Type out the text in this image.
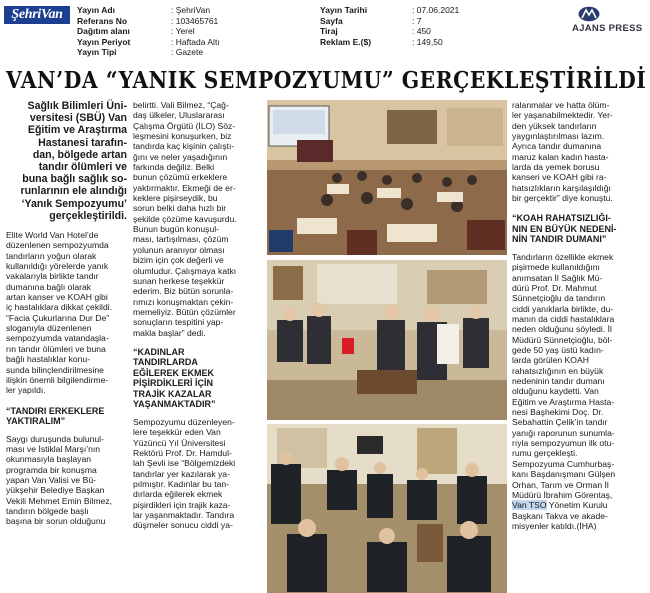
ŞehriVan	Yayın Adı	: ŞehriVan
Referans No	: 103465761
Dağıtım alanı	: Yerel
Yayın Periyot	: Haftada Altı
Yayın Tipi	: Gazete
Yayın Tarihi	: 07.06.2021
Sayfa	: 7
Tiraj	: 450
Reklam E.($)	: 149,50
AJANS PRESS
VAN’DA “YANIK SEMPOZYUMU” GERÇEKLEŞTİRİLDİ
Sağlık Bilimleri Üni-
versitesi (SBÜ) Van
Eğitim ve Araştırma
Hastanesi tarafın-
dan, bölgede artan
tandır ölümleri ve
buna bağlı sağlık so-
runlarının ele alındığı
‘Yanık Sempozyumu’
gerçekleştirildi.
Elite World Van Hotel’de
düzenlenen sempozyumda
tandırların yoğun olarak
kullanıldığı yörelerde yanık
vakalarıyla birlikte tandır
dumanına bağlı olarak
artan kanser ve KOAH gibi
iç hastalıklara dikkat çekildi.
“Facia Çukurlarına Dur De”
sloganıyla düzenlenen
sempozyumda vatandaşla-
rın tandır ölümleri ve buna
bağlı hastalıklar konu-
sunda bilinçlendirilmesine
ilişkin önemli bilgilendirme-
ler yapıldı.
“TANDIRI ERKEKLERE
YAKTIRALIM”
Saygı duruşunda bulunul-
ması ve İstiklal Marşı’nın
okunmasıyla başlayan
programda bir konuşma
yapan Van Valisi ve Bü-
yükşehir Belediye Başkan
Vekili Mehmet Emin Bilmez,
tandırın bölgede başlı
başına bir sorun olduğunu
belirtti. Vali Bilmez, “Çağ-
daş ülkeler, Uluslararası
Çalışma Örgütü (İLO) Söz-
leşmesini konuşurken, biz
tandırda kaç kişinin çalıştı-
ğını ve neler yaşadığının
farkında değiliz. Belki
bunun çözümü erkeklere
yaktırmaktır. Ekmeği de er-
keklere pişirseydik, bu
sorun belki daha hızlı bir
şekilde çözüme kavuşurdu.
Bunun bugün konuşul-
ması, tartışılması, çözüm
yolunun aranıyor olması
bizim için çok değerli ve
olumludur. Çalışmaya katkı
sunan herkese teşekkür
ederim. Biz bütün sorunla-
rımızı konuşmaktan çekin-
memeliyiz. Bütün çözümler
sonuçların tespitini yap-
makla başlar” dedi.
“KADINLAR
TANDIRLARDA
EĞİLEREK EKMEK
PİŞİRDİKLERİ İÇİN
TRAJİK KAZALAR
YAŞANMAKTADIR”
Sempozyumu düzenleyen-
lere teşekkür eden Van
Yüzüncü Yıl Üniversitesi
Rektörü Prof. Dr. Hamdul-
lah Şevli ise “Bölgemizdeki
tandırlar yer kazılarak ya-
pılmıştır. Kadınlar bu tan-
dırlarda eğilerek ekmek
pişirdikleri için trajik kaza-
lar yaşanmaktadır. Tandıra
düşmeler sonucu ciddi ya-
ralanmalar ve hatta ölüm-
ler yaşanabilmektedir. Yer-
den yüksek tandırların
yaygınlaştırılması lazım.
Ayrıca tandır dumanına
maruz kalan kadın hasta-
larda da yemek borusu
kanseri ve KOAH gibi ra-
hatsızlıkların karşılaşıldığı
bir gerçektir” diye konuştu.
“KOAH RAHATSIZLIĞI-
NIN EN BÜYÜK NEDENİ-
NİN TANDIR DUMANI”
Tandırların özellikle ekmek
pişirmede kullanıldığını
anımsatan İl Sağlık Mü-
dürü Prof. Dr. Mahmut
Sünnetçioğlu da tandırın
ciddi yanıklarla birlikte, du-
manın da ciddi hastalıklara
neden olduğunu söyledi. İl
Müdürü Sünnetçioğlu, böl-
gede 50 yaş üstü kadın-
larda görülen KOAH
rahatsızlığının en büyük
nedeninin tandır dumanı
olduğunu kaydetti. Van
Eğitim ve Araştırma Hasta-
nesi Başhekimi Doç. Dr.
Sebahattin Çelik’in tandır
yanığı raporunun sunumla-
rıyla sempozyumun ilk otu-
rumu gerçekleşti.
Sempozyuma Cumhurbaş-
kanı Başdanışmanı Gülşen
Orhan, Tarım ve Orman İl
Müdürü İbrahim Görentaş,
Van TSO Yönetim Kurulu
Başkanı Takva ve akade-
misyenler katıldı.(İHA)
